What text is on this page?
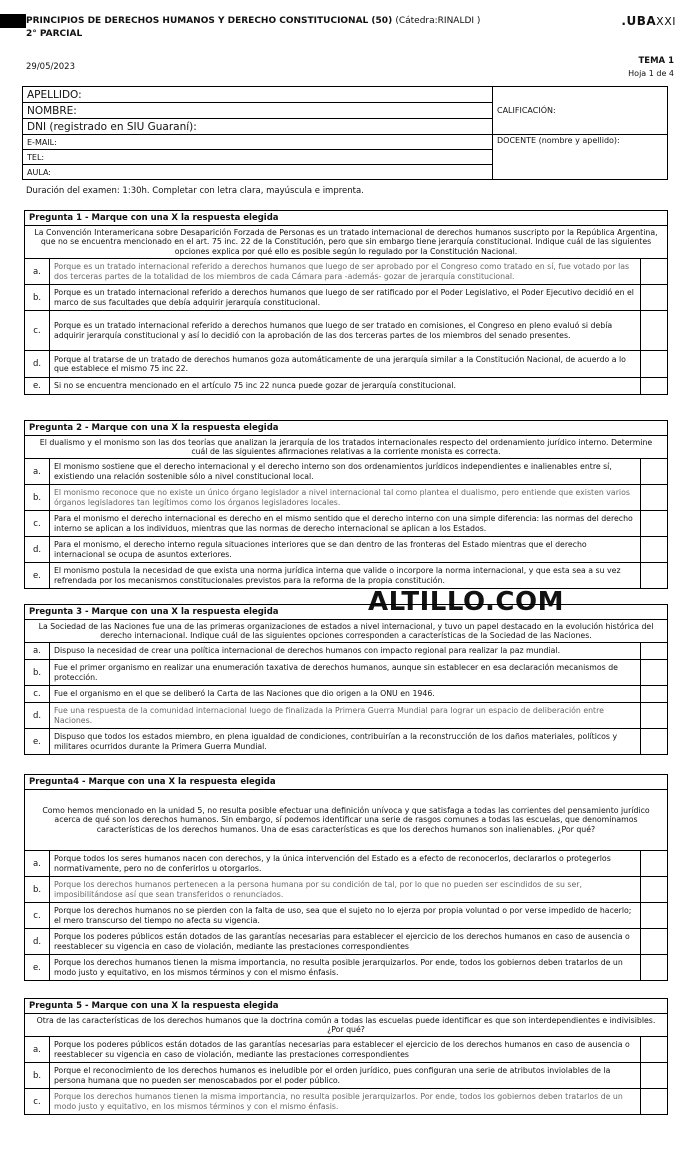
PRINCIPIOS DE DERECHOS HUMANOS Y DERECHO CONSTITUCIONAL (50) (Cátedra:RINALDI )
2° PARCIAL
.UBAXXI
29/05/2023
TEMA 1
Hoja 1 de 4
APELLIDO:	CALIFICACIÓN:
NOMBRE:	
DNI (registrado en SIU Guaraní):	
E-MAIL:	DOCENTE (nombre y apellido):
TEL:	
AULA:	
Duración del examen: 1:30h. Completar con letra clara, mayúscula e imprenta.
Pregunta 1 - Marque con una X la respuesta elegida
La Convención Interamericana sobre Desaparición Forzada de Personas es un tratado internacional de derechos humanos suscripto por la República Argentina, que no se encuentra mencionado en el art. 75 inc. 22 de la Constitución, pero que sin embargo tiene jerarquía constitucional. Indique cuál de las siguientes opciones explica por qué ello es posible según lo regulado por la Constitución Nacional.
a.	Porque es un tratado internacional referido a derechos humanos que luego de ser aprobado por el Congreso como tratado en sí, fue votado por las dos terceras partes de la totalidad de los miembros de cada Cámara para -además- gozar de jerarquía constitucional.
b.	Porque es un tratado internacional referido a derechos humanos que luego de ser ratificado por el Poder Legislativo, el Poder Ejecutivo decidió en el marco de sus facultades que debía adquirir jerarquía constitucional.
c.	Porque es un tratado internacional referido a derechos humanos que luego de ser tratado en comisiones, el Congreso en pleno evaluó si debía adquirir jerarquía constitucional y así lo decidió con la aprobación de las dos terceras partes de los miembros del senado presentes.
d.	Porque al tratarse de un tratado de derechos humanos goza automáticamente de una jerarquía similar a la Constitución Nacional, de acuerdo a lo que establece el mismo 75 inc 22.
e.	Si no se encuentra mencionado en el artículo 75 inc 22 nunca puede gozar de jerarquía constitucional.
Pregunta 2 - Marque con una X la respuesta elegida
El dualismo y el monismo son las dos teorías que analizan la jerarquía de los tratados internacionales respecto del ordenamiento jurídico interno. Determine cuál de las siguientes afirmaciones relativas a la corriente monista es correcta.
a.	El monismo sostiene que el derecho internacional y el derecho interno son dos ordenamientos jurídicos independientes e inalienables entre sí, existiendo una relación sostenible sólo a nivel constitucional local.
b.	El monismo reconoce que no existe un único órgano legislador a nivel internacional tal como plantea el dualismo, pero entiende que existen varios órganos legisladores tan legítimos como los órganos legisladores locales.
c.	Para el monismo el derecho internacional es derecho en el mismo sentido que el derecho interno con una simple diferencia: las normas del derecho interno se aplican a los individuos, mientras que las normas de derecho internacional se aplican a los Estados.
d.	Para el monismo, el derecho interno regula situaciones interiores que se dan dentro de las fronteras del Estado mientras que el derecho internacional se ocupa de asuntos exteriores.
e.	El monismo postula la necesidad de que exista una norma jurídica interna que valide o incorpore la norma internacional, y que esta sea a su vez refrendada por los mecanismos constitucionales previstos para la reforma de la propia constitución.
ALTILLO.COM
Pregunta 3 - Marque con una X la respuesta elegida
La Sociedad de las Naciones fue una de las primeras organizaciones de estados a nivel internacional, y tuvo un papel destacado en la evolución histórica del derecho internacional. Indique cuál de las siguientes opciones corresponden a características de la Sociedad de las Naciones.
a.	Dispuso la necesidad de crear una política internacional de derechos humanos con impacto regional para realizar la paz mundial.
b.	Fue el primer organismo en realizar una enumeración taxativa de derechos humanos, aunque sin establecer en esa declaración mecanismos de protección.
c.	Fue el organismo en el que se deliberó la Carta de las Naciones que dio origen a la ONU en 1946.
d.	Fue una respuesta de la comunidad internacional luego de finalizada la Primera Guerra Mundial para lograr un espacio de deliberación entre Naciones.
e.	Dispuso que todos los estados miembro, en plena igualdad de condiciones, contribuirían a la reconstrucción de los daños materiales, políticos y militares ocurridos durante la Primera Guerra Mundial.
Pregunta4 - Marque con una X la respuesta elegida
Como hemos mencionado en la unidad 5, no resulta posible efectuar una definición unívoca y que satisfaga a todas las corrientes del pensamiento jurídico acerca de qué son los derechos humanos. Sin embargo, sí podemos identificar una serie de rasgos comunes a todas las escuelas, que denominamos características de los derechos humanos. Una de esas características es que los derechos humanos son inalienables. ¿Por qué?
a.	Porque todos los seres humanos nacen con derechos, y la única intervención del Estado es a efecto de reconocerlos, declararlos o protegerlos normativamente, pero no de conferirlos u otorgarlos.
b.	Porque los derechos humanos pertenecen a la persona humana por su condición de tal, por lo que no pueden ser escindidos de su ser, imposibilitándose así que sean transferidos o renunciados.
c.	Porque los derechos humanos no se pierden con la falta de uso, sea que el sujeto no lo ejerza por propia voluntad o por verse impedido de hacerlo; el mero transcurso del tiempo no afecta su vigencia.
d.	Porque los poderes públicos están dotados de las garantías necesarias para establecer el ejercicio de los derechos humanos en caso de ausencia o reestablecer su vigencia en caso de violación, mediante las prestaciones correspondientes
e.	Porque los derechos humanos tienen la misma importancia, no resulta posible jerarquizarlos. Por ende, todos los gobiernos deben tratarlos de un modo justo y equitativo, en los mismos términos y con el mismo énfasis.
Pregunta 5 - Marque con una X la respuesta elegida
Otra de las características de los derechos humanos que la doctrina común a todas las escuelas puede identificar es que son interdependientes e indivisibles. ¿Por qué?
a.	Porque los poderes públicos están dotados de las garantías necesarias para establecer el ejercicio de los derechos humanos en caso de ausencia o reestablecer su vigencia en caso de violación, mediante las prestaciones correspondientes
b.	Porque el reconocimiento de los derechos humanos es ineludible por el orden jurídico, pues configuran una serie de atributos inviolables de la persona humana que no pueden ser menoscabados por el poder público.
c.	Porque los derechos humanos tienen la misma importancia, no resulta posible jerarquizarlos. Por ende, todos los gobiernos deben tratarlos de un modo justo y equitativo, en los mismos términos y con el mismo énfasis.
